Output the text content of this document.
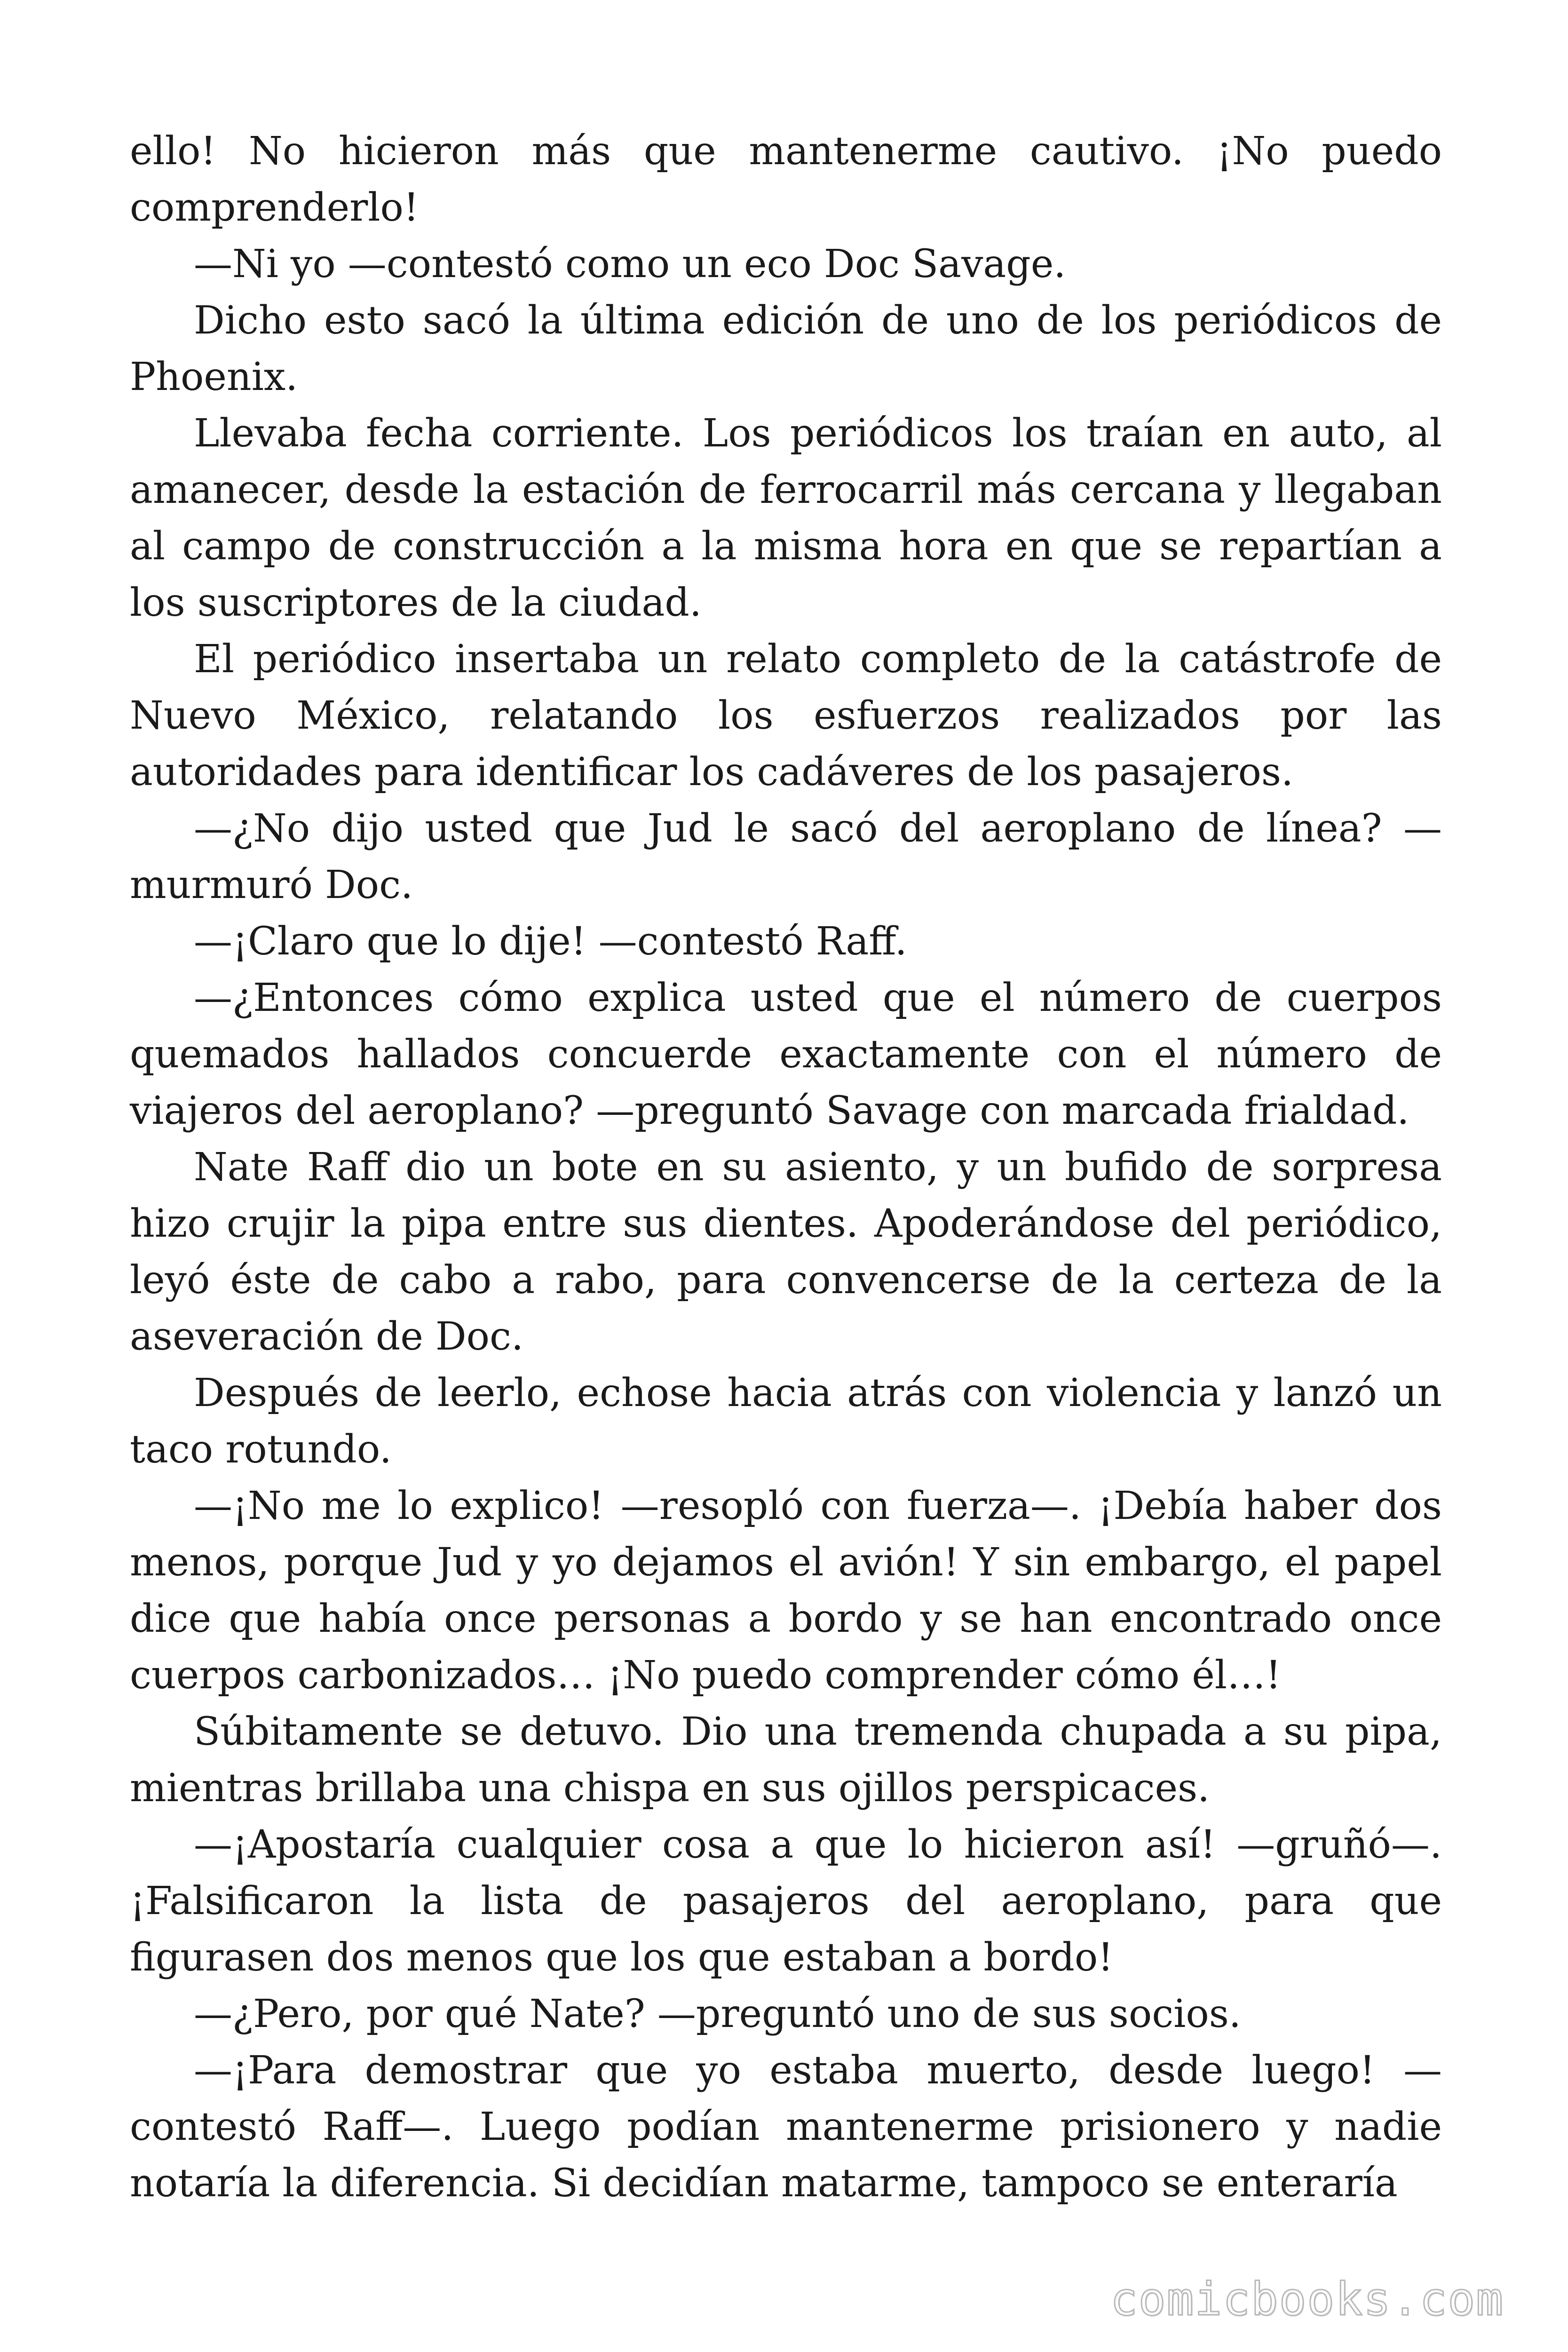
ello! No hicieron más que mantenerme cautivo. ¡No puedo comprenderlo!

—Ni yo —contestó como un eco Doc Savage.

Dicho esto sacó la última edición de uno de los periódicos de Phoenix.

Llevaba fecha corriente. Los periódicos los traían en auto, al amanecer, desde la estación de ferrocarril más cercana y llegaban al campo de construcción a la misma hora en que se repartían a los suscriptores de la ciudad.

El periódico insertaba un relato completo de la catástrofe de Nuevo México, relatando los esfuerzos realizados por las autoridades para identificar los cadáveres de los pasajeros.

—¿No dijo usted que Jud le sacó del aeroplano de línea? —murmuró Doc.

—¡Claro que lo dije! —contestó Raff.

—¿Entonces cómo explica usted que el número de cuerpos quemados hallados concuerde exactamente con el número de viajeros del aeroplano? —preguntó Savage con marcada frialdad.

Nate Raff dio un bote en su asiento, y un bufido de sorpresa hizo crujir la pipa entre sus dientes. Apoderándose del periódico, leyó éste de cabo a rabo, para convencerse de la certeza de la aseveración de Doc.

Después de leerlo, echose hacia atrás con violencia y lanzó un taco rotundo.

—¡No me lo explico! —resopló con fuerza—. ¡Debía haber dos menos, porque Jud y yo dejamos el avión! Y sin embargo, el papel dice que había once personas a bordo y se han encontrado once cuerpos carbonizados… ¡No puedo comprender cómo él…!

Súbitamente se detuvo. Dio una tremenda chupada a su pipa, mientras brillaba una chispa en sus ojillos perspicaces.

—¡Apostaría cualquier cosa a que lo hicieron así! —gruñó—. ¡Falsificaron la lista de pasajeros del aeroplano, para que figurasen dos menos que los que estaban a bordo!

—¿Pero, por qué Nate? —preguntó uno de sus socios.

—¡Para demostrar que yo estaba muerto, desde luego! —contestó Raff—. Luego podían mantenerme prisionero y nadie notaría la diferencia. Si decidían matarme, tampoco se enteraría

comicbooks.com
